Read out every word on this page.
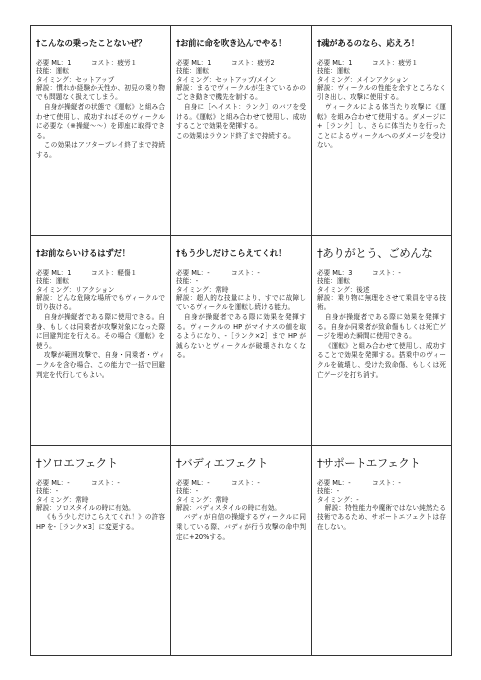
†こんなの乗ったことないぜ？
必要 ML：1	コスト：疲労１
技能：運転
タイミング：セットアップ

解説：慣れか経験か天性か、初見の乗り物でも問題なく扱えてしまう。

自身が操縦者の状態で《運転》と組み合わせて使用し、成功すればそのヴィークルに必要な（※操縦～～）を即座に取得できる。

この効果はアフタープレイ終了まで持続する。

†お前に命を吹き込んでやる！
必要 ML：1	コスト：疲労2
技能：運転
タイミング：セットアップ/メイン

解説：まるでヴィークルが生きているかのごとき動きで機先を制する。

自身に［ヘイスト：ランク］のバフを受ける。《運転》と組み合わせて使用し、成功することで効果を発揮する。

この効果はラウンド終了まで持続する。

†魂があるのなら、応えろ！
必要 ML：1	コスト：疲労１
技能：運転
タイミング：メインアクション

解説：ヴィークルの性能を余すところなく引き出し、攻撃に使用する。

ヴィークルによる体当たり攻撃に《運転》を組み合わせて使用する。ダメージに+［ランク］し、さらに体当たりを行ったことによるヴィークルへのダメージを受けない。

†お前ならいけるはずだ！
必要 ML：1	コスト：軽傷１
技能：運転
タイミング：リアクション

解説：どんな危険な場所でもヴィークルで切り抜ける。

自身が操縦者である際に使用できる。自身、もしくは同乗者が攻撃対象になった際に回避判定を行える。その場合《運転》を使う。

攻撃が範囲攻撃で、自身・同乗者・ヴィークルを含む場合、この能力で一括で回避判定を代行してもよい。

†もう少しだけこらえてくれ！
必要 ML：-	コスト：-
技能：-
タイミング：常時

解説：超人的な技量により、すでに故障しているヴィークルを運転し続ける能力。

自身が操縦者である際に効果を発揮する。ヴィークルの HP がマイナスの値を取るようになり、-［ランク×2］まで HP が減らないとヴィークルが破壊されなくなる。

†ありがとう、ごめんな
必要 ML：3	コスト：-
技能：運転
タイミング：後述

解説：乗り物に無理をさせて乗員を守る技術。

自身が操縦者である際に効果を発揮する。自身か同乗者が致命傷もしくは死亡ゲージを埋めた瞬間に使用できる。

《運転》と組み合わせて使用し、成功することで効果を発揮する。搭乗中のヴィークルを破壊し、受けた致命傷、もしくは死亡ゲージを打ち消す。

†ソロエフェクト
必要 ML：-	コスト：-
技能：-
タイミング：常時

解説：ソロスタイルの時に有効。

《もう少しだけこらえてくれ！》の許容 HP を-［ランク×3］に変更する。

†バディエフェクト
必要 ML：-	コスト：-
技能：-
タイミング：常時

解説：バディスタイルの時に有効。

バディが自信の操縦するヴィークルに同乗している際、バディが行う攻撃の命中判定に+20%する。

†サポートエフェクト
必要 ML：-	コスト：-
技能：-
タイミング：-

解説：特性能力や魔術ではない純然たる技術であるため、サポートエフェクトは存在しない。
